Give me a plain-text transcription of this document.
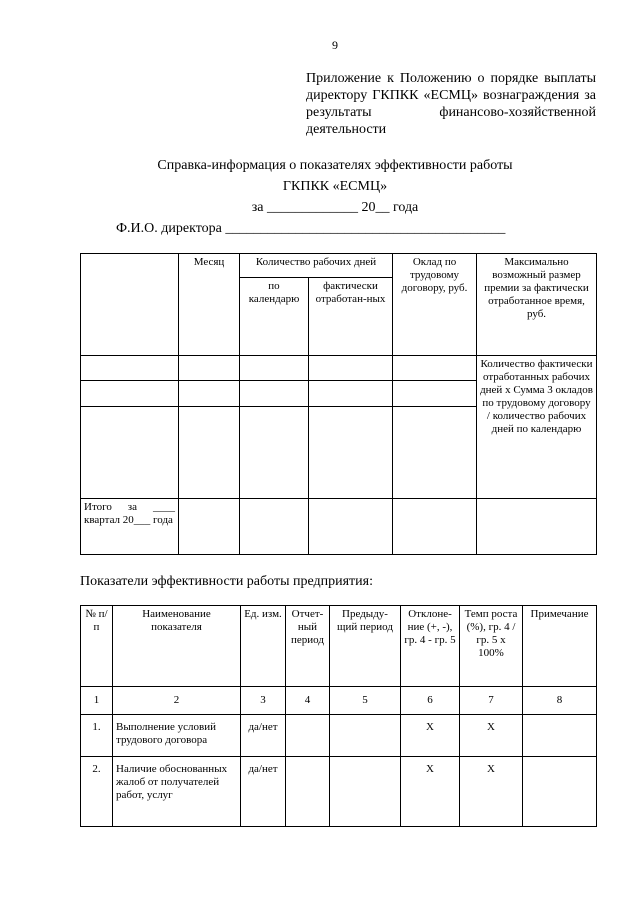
9
Приложение к Положению о порядке выплаты директору ГКПКК «ЕСМЦ» вознаграждения за результаты финансово-хозяйственной деятельности
Справка-информация о показателях эффективности работы
ГКПКК «ЕСМЦ»
за _____________ 20__ года
Ф.И.О. директора ________________________________________
	Месяц	Количество рабочих дней		Оклад по трудовому договору, руб.	Максимально возможный размер премии за фактически отработанное время, руб.
		по календарю	фактически отработан-ных		
					Количество фактически отработанных рабочих дней х Сумма 3 окладов по трудовому договору / количество рабочих дней по календарю

Итого за ____ квартал 20___ года					
Показатели эффективности работы предприятия:
№ п/п	Наименование показателя	Ед. изм.	Отчет-ный период	Предыду-щий период	Отклоне-ние (+, -), гр. 4 - гр. 5	Темп роста (%), гр. 4 / гр. 5 х 100%	Примечание
1	2	3	4	5	6	7	8
1.	Выполнение условий трудового договора	да/нет			Х	Х	
2.	Наличие обоснованных жалоб от получателей работ, услуг	да/нет			Х	Х	
